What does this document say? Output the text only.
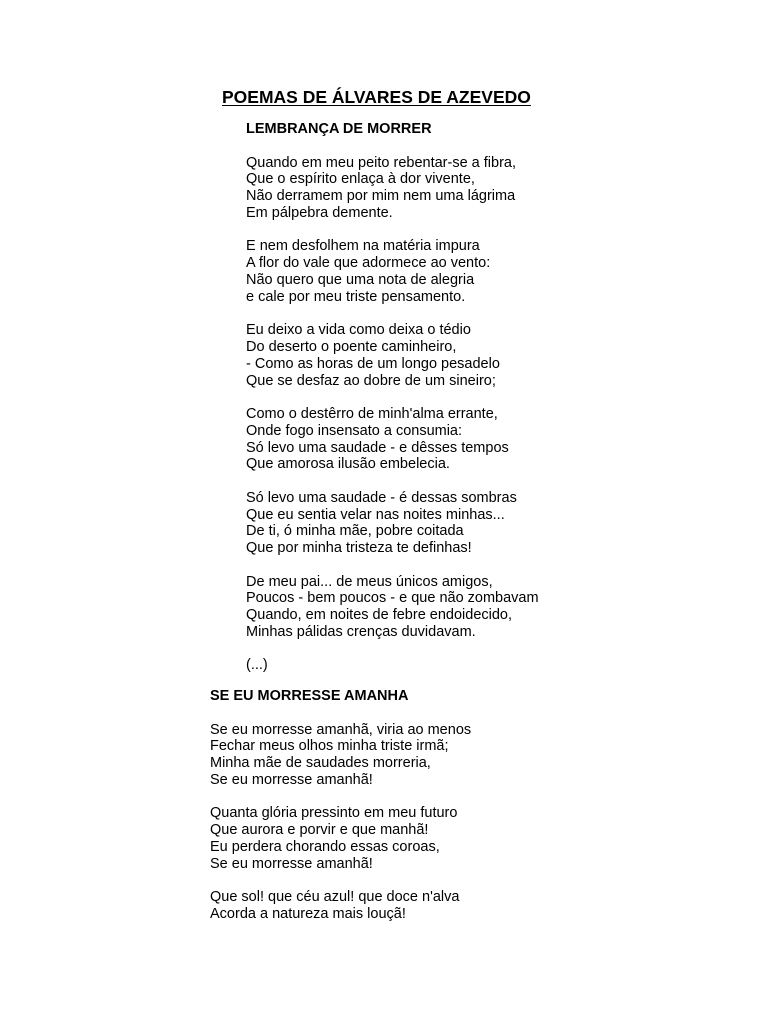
POEMAS DE ÁLVARES DE AZEVEDO
LEMBRANÇA DE MORRER
Quando em meu peito rebentar-se a fibra,
Que o espírito enlaça à dor vivente,
Não derramem por mim nem uma lágrima
Em pálpebra demente.
E nem desfolhem na matéria impura
A flor do vale que adormece ao vento:
Não quero que uma nota de alegria
e cale por meu triste pensamento.
Eu deixo a vida como deixa o tédio
Do deserto o poente caminheiro,
- Como as horas de um longo pesadelo
Que se desfaz ao dobre de um sineiro;
Como o destêrro de minh'alma errante,
Onde fogo insensato a consumia:
Só levo uma saudade - e dêsses tempos
Que amorosa ilusão embelecia.
Só levo uma saudade - é dessas sombras
Que eu sentia velar nas noites minhas...
De ti, ó minha mãe, pobre coitada
Que por minha tristeza te definhas!
De meu pai... de meus únicos amigos,
Poucos - bem poucos - e que não zombavam
Quando, em noites de febre endoidecido,
Minhas pálidas crenças duvidavam.
(...)
SE EU MORRESSE AMANHA
Se eu morresse amanhã, viria ao menos
Fechar meus olhos minha triste irmã;
Minha mãe de saudades morreria,
Se eu morresse amanhã!
Quanta glória pressinto em meu futuro
Que aurora e porvir e que manhã!
Eu perdera chorando essas coroas,
Se eu morresse amanhã!
Que sol! que céu azul! que doce n'alva
Acorda a natureza mais louçã!
